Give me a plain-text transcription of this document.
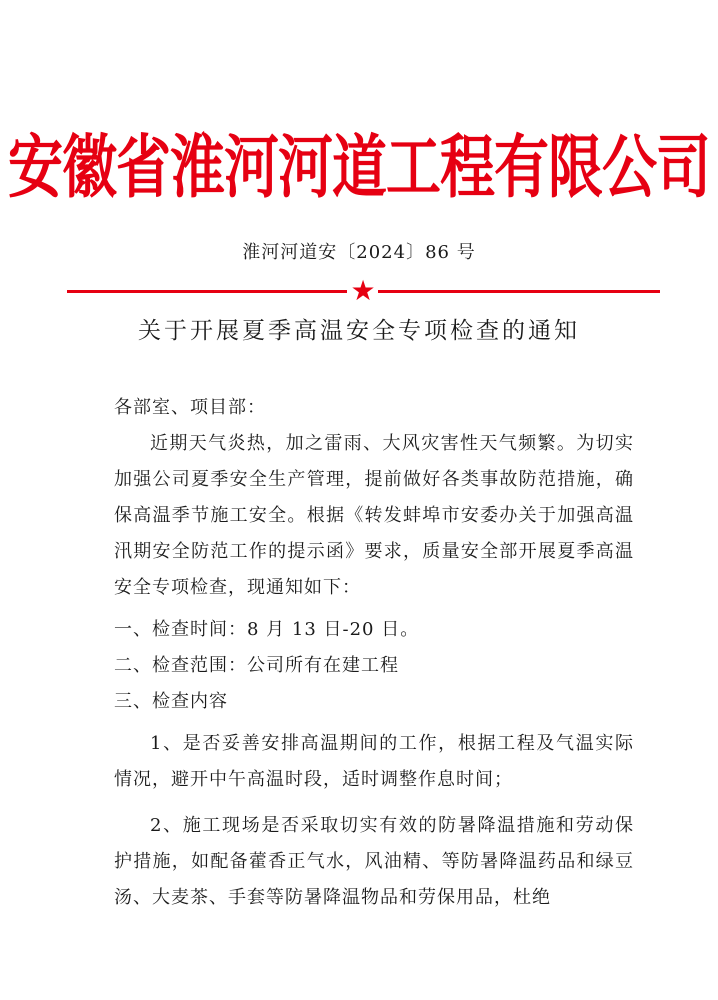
安徽省淮河河道工程有限公司
淮河河道安〔2024〕86 号
★
关于开展夏季高温安全专项检查的通知
各部室、项目部：

近期天气炎热，加之雷雨、大风灾害性天气频繁。为切实加强公司夏季安全生产管理，提前做好各类事故防范措施，确保高温季节施工安全。根据《转发蚌埠市安委办关于加强高温汛期安全防范工作的提示函》要求，质量安全部开展夏季高温安全专项检查，现通知如下：

一、检查时间：8 月 13 日-20 日。
二、检查范围：公司所有在建工程
三、检查内容

1、是否妥善安排高温期间的工作，根据工程及气温实际情况，避开中午高温时段，适时调整作息时间；

2、施工现场是否采取切实有效的防暑降温措施和劳动保护措施，如配备藿香正气水，风油精、等防暑降温药品和绿豆汤、大麦茶、手套等防暑降温物品和劳保用品，杜绝
